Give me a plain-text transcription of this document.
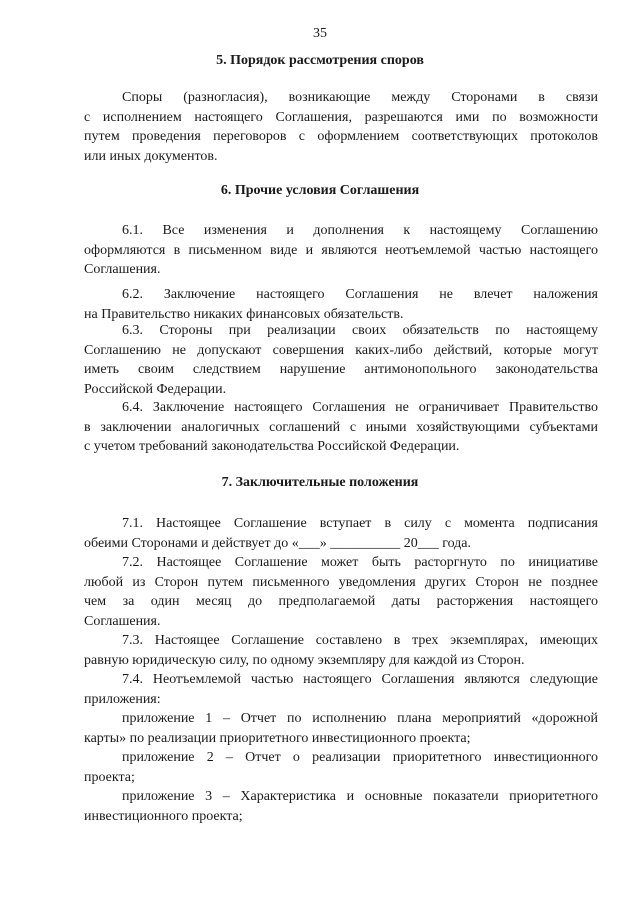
35
5. Порядок рассмотрения споров

Споры (разногласия), возникающие между Сторонами в связи
с исполнением настоящего Соглашения, разрешаются ими по возможности
путем проведения переговоров с оформлением соответствующих протоколов
или иных документов.

6. Прочие условия Соглашения

6.1. Все изменения и дополнения к настоящему Соглашению
оформляются в письменном виде и являются неотъемлемой частью настоящего
Соглашения.

6.2. Заключение настоящего Соглашения не влечет наложения
на Правительство никаких финансовых обязательств.

6.3. Стороны при реализации своих обязательств по настоящему
Соглашению не допускают совершения каких-либо действий, которые могут
иметь своим следствием нарушение антимонопольного законодательства
Российской Федерации.

6.4. Заключение настоящего Соглашения не ограничивает Правительство
в заключении аналогичных соглашений с иными хозяйствующими субъектами
с учетом требований законодательства Российской Федерации.

7. Заключительные положения

7.1. Настоящее Соглашение вступает в силу с момента подписания
обеими Сторонами и действует до «___» __________ 20___ года.

7.2. Настоящее Соглашение может быть расторгнуто по инициативе
любой из Сторон путем письменного уведомления других Сторон не позднее
чем за один месяц до предполагаемой даты расторжения настоящего
Соглашения.

7.3. Настоящее Соглашение составлено в трех экземплярах, имеющих
равную юридическую силу, по одному экземпляру для каждой из Сторон.

7.4. Неотъемлемой частью настоящего Соглашения являются следующие
приложения:

приложение 1 – Отчет по исполнению плана мероприятий «дорожной
карты» по реализации приоритетного инвестиционного проекта;

приложение 2 – Отчет о реализации приоритетного инвестиционного
проекта;

приложение 3 – Характеристика и основные показатели приоритетного
инвестиционного проекта;
